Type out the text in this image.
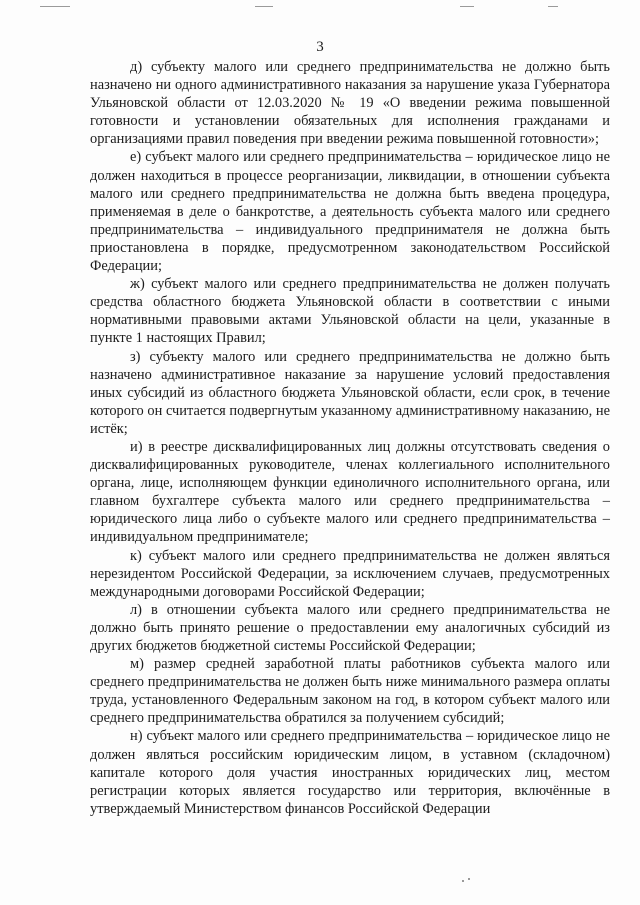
3

д) субъекту малого или среднего предпринимательства не должно быть назначено ни одного административного наказания за нарушение указа Губернатора Ульяновской области от 12.03.2020 № 19 «О введении режима повышенной готовности и установлении обязательных для исполнения гражданами и организациями правил поведения при введении режима повышенной готовности»;

е) субъект малого или среднего предпринимательства – юридическое лицо не должен находиться в процессе реорганизации, ликвидации, в отношении субъекта малого или среднего предпринимательства не должна быть введена процедура, применяемая в деле о банкротстве, а деятельность субъекта малого или среднего предпринимательства – индивидуального предпринимателя не должна быть приостановлена в порядке, предусмотренном законодательством Российской Федерации;

ж) субъект малого или среднего предпринимательства не должен получать средства областного бюджета Ульяновской области в соответствии с иными нормативными правовыми актами Ульяновской области на цели, указанные в пункте 1 настоящих Правил;

з) субъекту малого или среднего предпринимательства не должно быть назначено административное наказание за нарушение условий предоставления иных субсидий из областного бюджета Ульяновской области, если срок, в течение которого он считается подвергнутым указанному административному наказанию, не истёк;

и) в реестре дисквалифицированных лиц должны отсутствовать сведения о дисквалифицированных руководителе, членах коллегиального исполнительного органа, лице, исполняющем функции единоличного исполнительного органа, или главном бухгалтере субъекта малого или среднего предпринимательства – юридического лица либо о субъекте малого или среднего предпринимательства – индивидуальном предпринимателе;

к) субъект малого или среднего предпринимательства не должен являться нерезидентом Российской Федерации, за исключением случаев, предусмотренных международными договорами Российской Федерации;

л) в отношении субъекта малого или среднего предпринимательства не должно быть принято решение о предоставлении ему аналогичных субсидий из других бюджетов бюджетной системы Российской Федерации;

м) размер средней заработной платы работников субъекта малого или среднего предпринимательства не должен быть ниже минимального размера оплаты труда, установленного Федеральным законом на год, в котором субъект малого или среднего предпринимательства обратился за получением субсидий;

н) субъект малого или среднего предпринимательства – юридическое лицо не должен являться российским юридическим лицом, в уставном (складочном) капитале которого доля участия иностранных юридических лиц, местом регистрации которых является государство или территория, включённые в утверждаемый Министерством финансов Российской Федерации
